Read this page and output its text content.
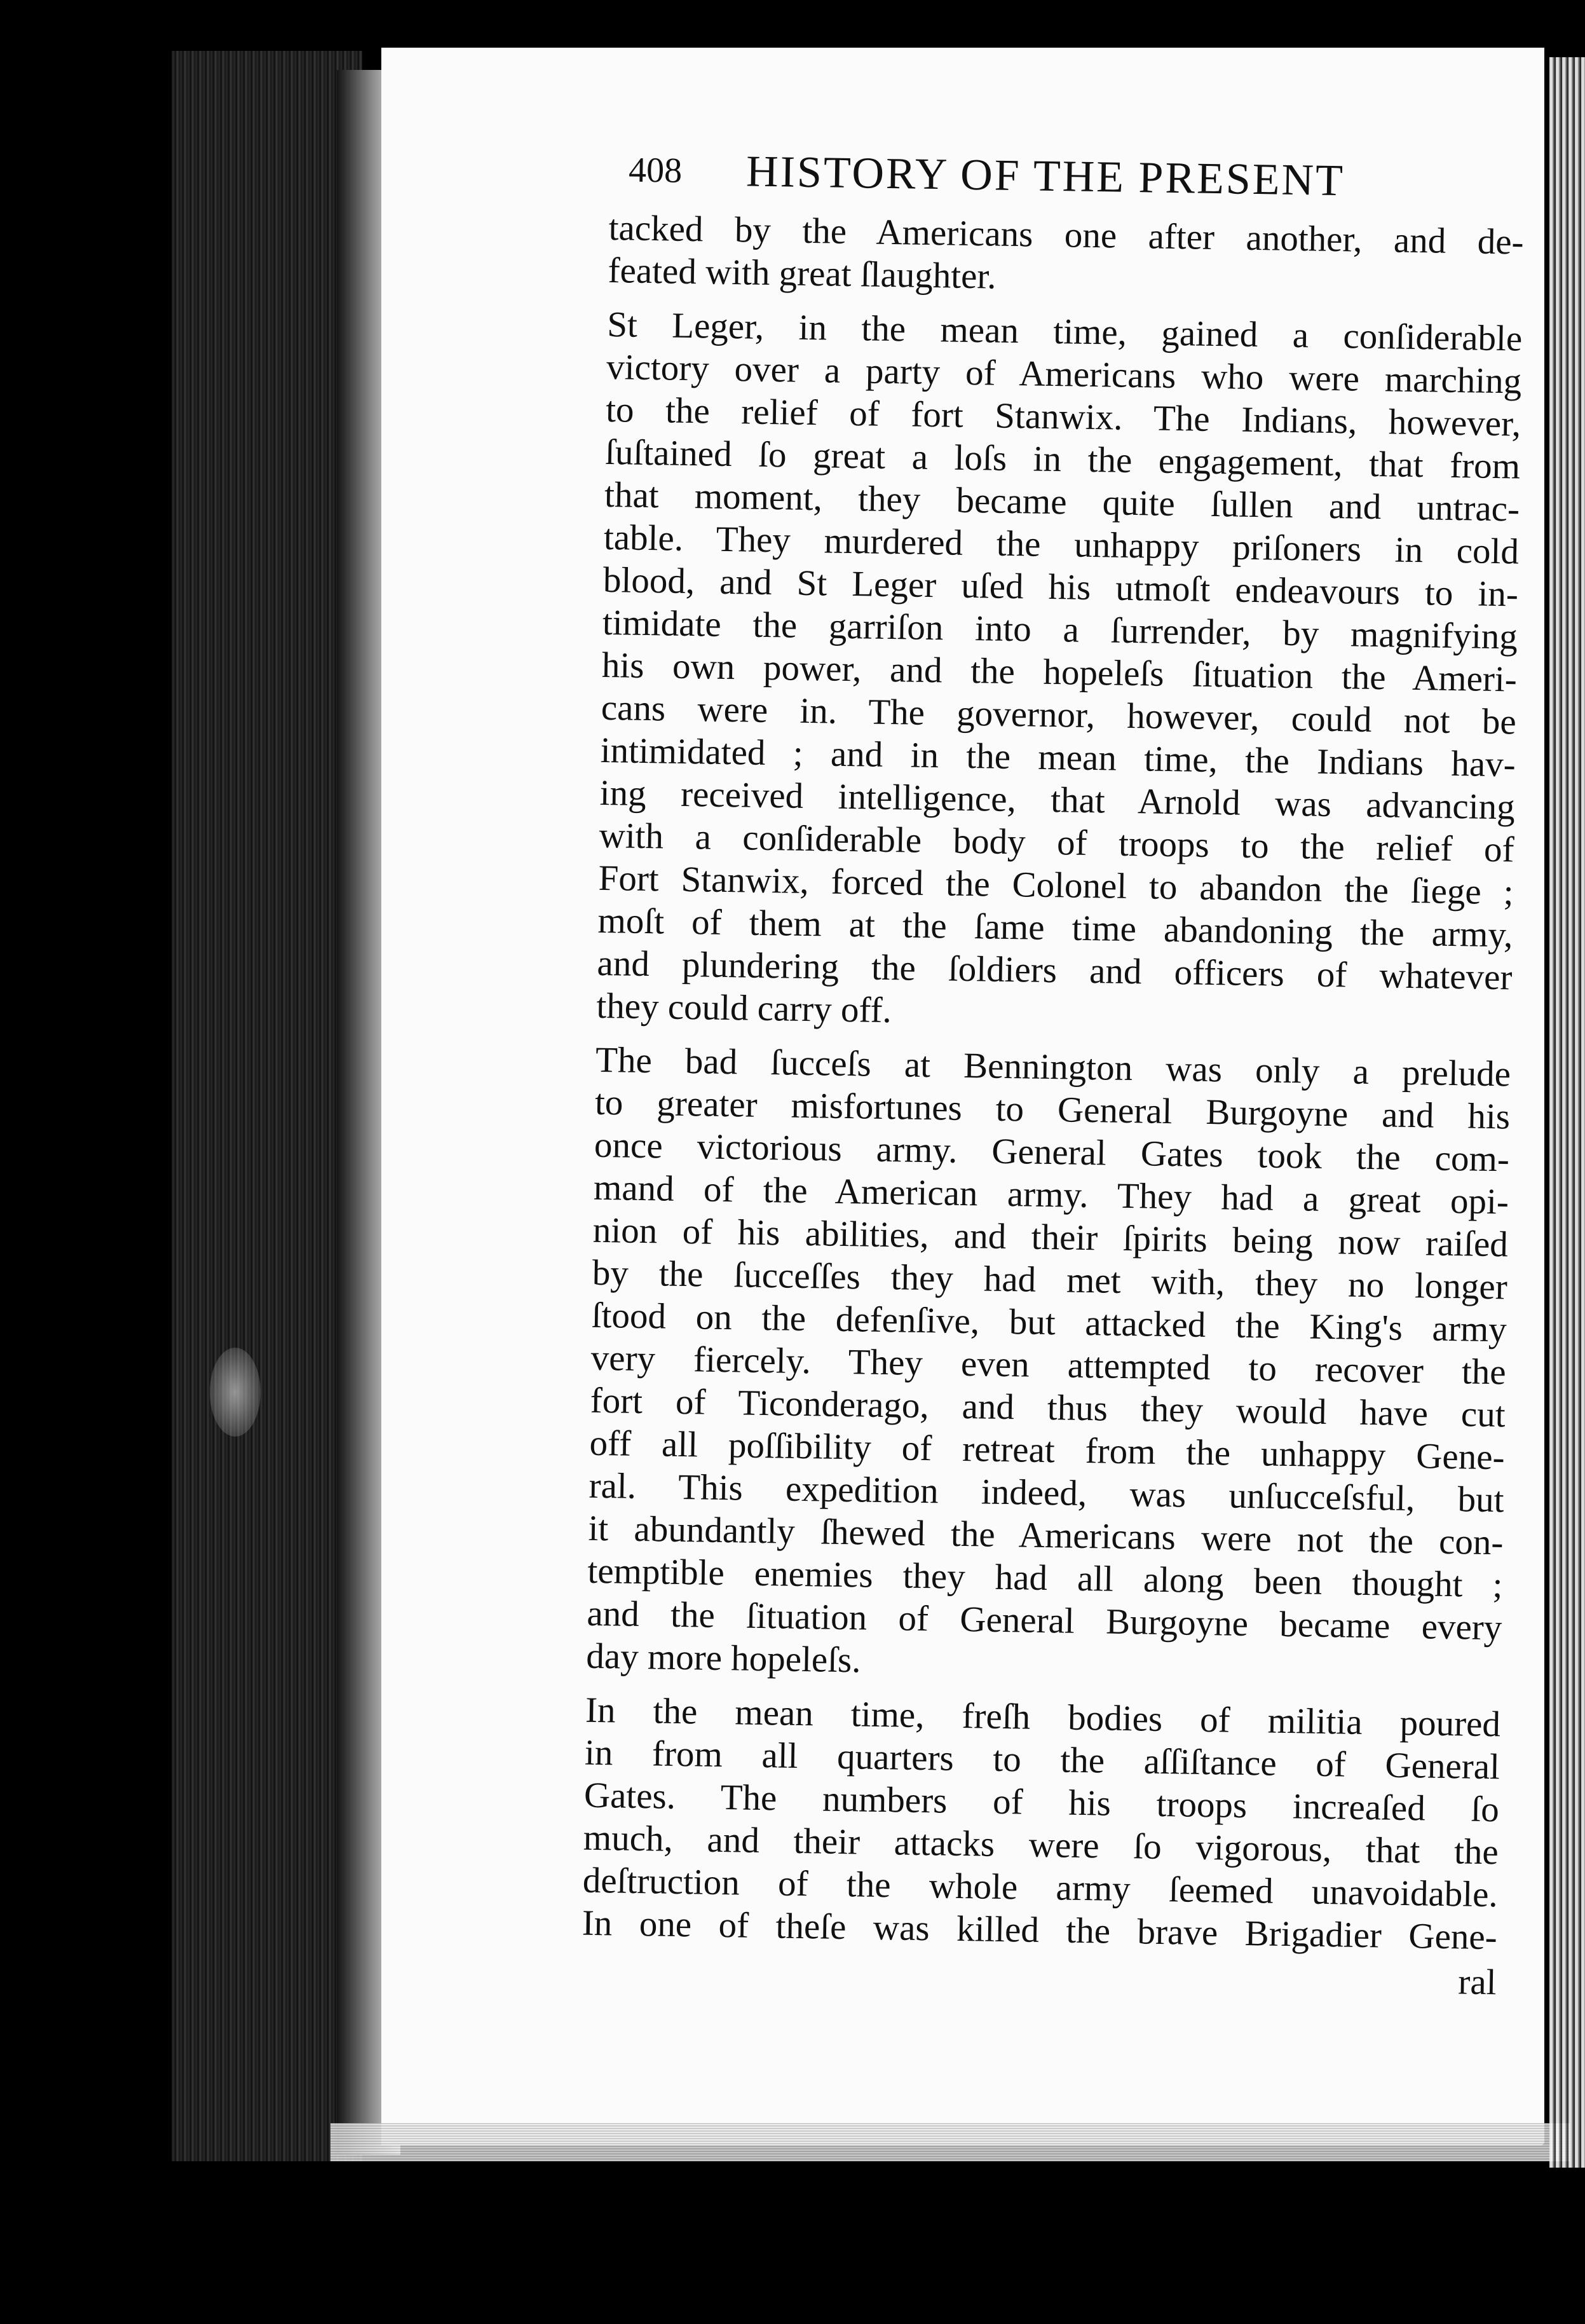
408 HISTORY OF THE PRESENT
tacked by the Americans one after another, and de-
feated with great ſlaughter.
St Leger, in the mean time, gained a conſiderable
victory over a party of Americans who were marching
to the relief of fort Stanwix. The Indians, however,
ſuſtained ſo great a loſs in the engagement, that from
that moment, they became quite ſullen and untrac-
table. They murdered the unhappy priſoners in cold
blood, and St Leger uſed his utmoſt endeavours to in-
timidate the garriſon into a ſurrender, by magnifying
his own power, and the hopeleſs ſituation the Ameri-
cans were in. The governor, however, could not be
intimidated ; and in the mean time, the Indians hav-
ing received intelligence, that Arnold was advancing
with a conſiderable body of troops to the relief of
Fort Stanwix, forced the Colonel to abandon the ſiege ;
moſt of them at the ſame time abandoning the army,
and plundering the ſoldiers and officers of whatever
they could carry off.
The bad ſucceſs at Bennington was only a prelude
to greater misfortunes to General Burgoyne and his
once victorious army. General Gates took the com-
mand of the American army. They had a great opi-
nion of his abilities, and their ſpirits being now raiſed
by the ſucceſſes they had met with, they no longer
ſtood on the defenſive, but attacked the King's army
very fiercely. They even attempted to recover the
fort of Ticonderago, and thus they would have cut
off all poſſibility of retreat from the unhappy Gene-
ral. This expedition indeed, was unſucceſsful, but
it abundantly ſhewed the Americans were not the con-
temptible enemies they had all along been thought ;
and the ſituation of General Burgoyne became every
day more hopeleſs.
In the mean time, freſh bodies of militia poured
in from all quarters to the aſſiſtance of General
Gates. The numbers of his troops increaſed ſo
much, and their attacks were ſo vigorous, that the
deſtruction of the whole army ſeemed unavoidable.
In one of theſe was killed the brave Brigadier Gene-
ral
